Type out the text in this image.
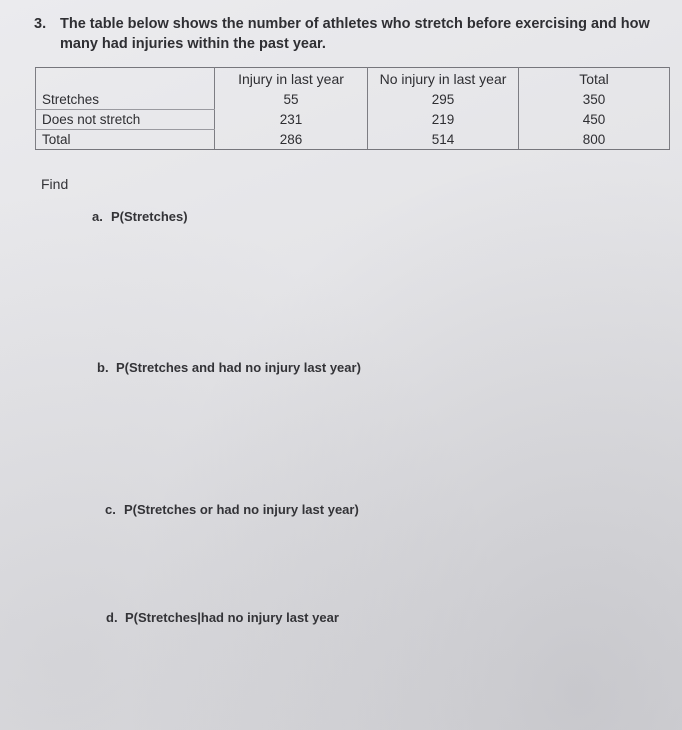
3. The table below shows the number of athletes who stretch before exercising and how many had injuries within the past year.
	Injury in last year	No injury in last year	Total
Stretches	55	295	350
Does not stretch	231	219	450
Total	286	514	800
Find
a. P(Stretches)
b. P(Stretches and had no injury last year)
c. P(Stretches or had no injury last year)
d. P(Stretches|had no injury last year
